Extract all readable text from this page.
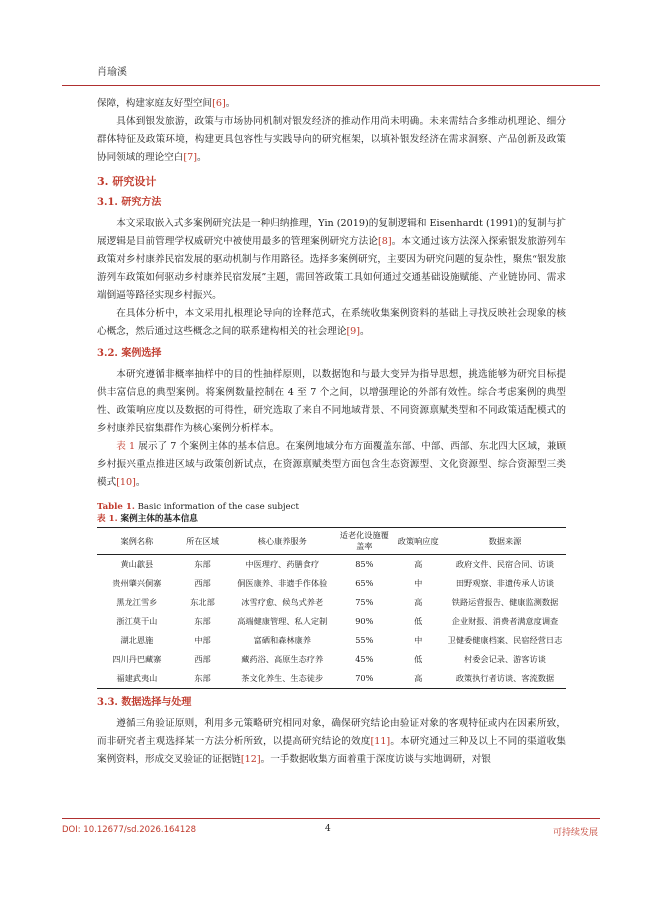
肖瑜溪

保障，构建家庭友好型空间[6]。

具体到银发旅游，政策与市场协同机制对银发经济的推动作用尚未明确。未来需结合多维动机理论、细分群体特征及政策环境，构建更具包容性与实践导向的研究框架，以填补银发经济在需求洞察、产品创新及政策协同领域的理论空白[7]。

3. 研究设计
3.1. 研究方法

本文采取嵌入式多案例研究法是一种归纳推理，Yin (2019)的复制逻辑和 Eisenhardt (1991)的复制与扩展逻辑是目前管理学权威研究中被使用最多的管理案例研究方法论[8]。本文通过该方法深入探索银发旅游列车政策对乡村康养民宿发展的驱动机制与作用路径。选择多案例研究，主要因为研究问题的复杂性，聚焦“银发旅游列车政策如何驱动乡村康养民宿发展”主题，需回答政策工具如何通过交通基础设施赋能、产业链协同、需求端倒逼等路径实现乡村振兴。

在具体分析中，本文采用扎根理论导向的诠释范式，在系统收集案例资料的基础上寻找反映社会现象的核心概念，然后通过这些概念之间的联系建构相关的社会理论[9]。

3.2. 案例选择

本研究遵循非概率抽样中的目的性抽样原则，以数据饱和与最大变异为指导思想，挑选能够为研究目标提供丰富信息的典型案例。将案例数量控制在 4 至 7 个之间，以增强理论的外部有效性。综合考虑案例的典型性、政策响应度以及数据的可得性，研究选取了来自不同地域背景、不同资源禀赋类型和不同政策适配模式的乡村康养民宿集群作为核心案例分析样本。

表 1 展示了 7 个案例主体的基本信息。在案例地域分布方面覆盖东部、中部、西部、东北四大区域，兼顾乡村振兴重点推进区域与政策创新试点，在资源禀赋类型方面包含生态资源型、文化资源型、综合资源型三类模式[10]。

Table 1. Basic information of the case subject
表 1. 案例主体的基本信息
案例名称	所在区域	核心康养服务	适老化设施覆盖率	政策响应度	数据来源
黄山歙县	东部	中医理疗、药膳食疗	85%	高	政府文件、民宿合同、访谈
贵州肇兴侗寨	西部	侗医康养、非遗手作体验	65%	中	田野观察、非遗传承人访谈
黑龙江雪乡	东北部	冰雪疗愈、候鸟式养老	75%	高	铁路运营报告、健康监测数据
浙江莫干山	东部	高端健康管理、私人定制	90%	低	企业财报、消费者满意度调查
湖北恩施	中部	富硒和森林康养	55%	中	卫健委健康档案、民宿经营日志
四川丹巴藏寨	西部	藏药浴、高原生态疗养	45%	低	村委会记录、游客访谈
福建武夷山	东部	茶文化养生、生态徒步	70%	高	政策执行者访谈、客流数据
3.3. 数据选择与处理

遵循三角验证原则，利用多元策略研究相同对象，确保研究结论由验证对象的客观特征或内在因素所致，而非研究者主观选择某一方法分析所致，以提高研究结论的效度[11]。本研究通过三种及以上不同的渠道收集案例资料，形成交叉验证的证据链[12]。一手数据收集方面着重于深度访谈与实地调研，对银

DOI: 10.12677/sd.2026.164128	4	可持续发展
